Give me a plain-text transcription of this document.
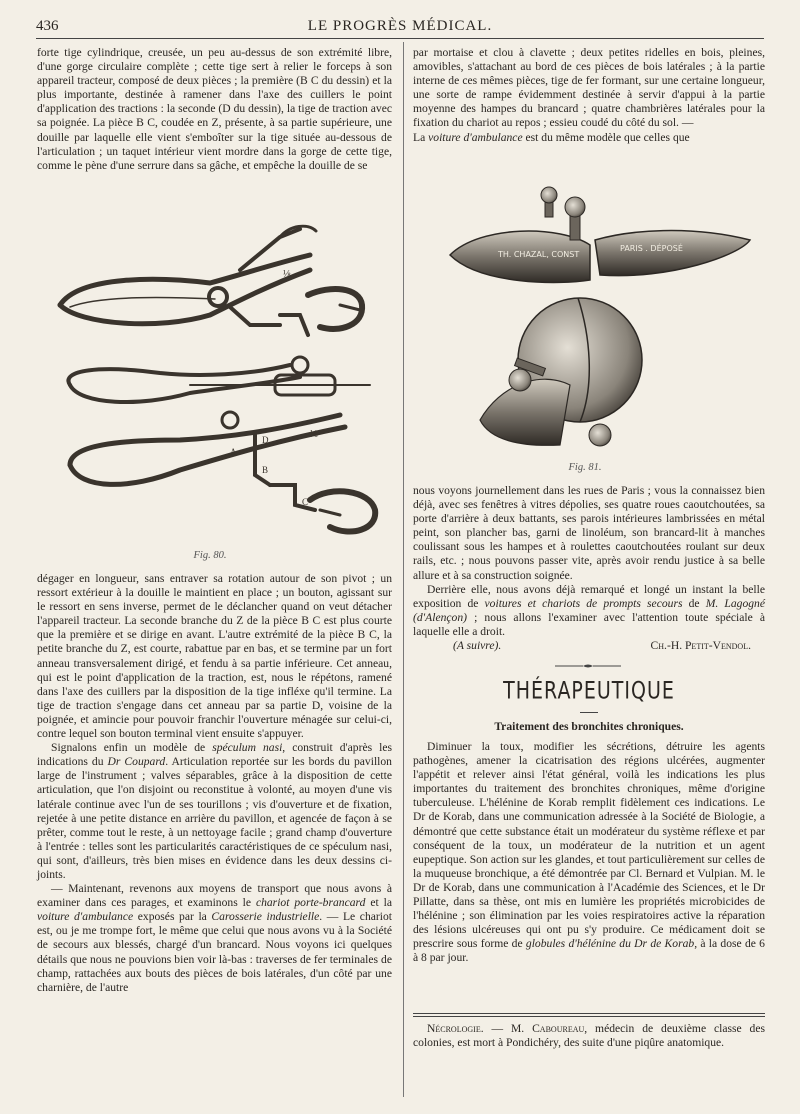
436	LE PROGRÈS MÉDICAL.

forte tige cylindrique, creusée, un peu au-dessus de son extrémité libre, d'une gorge circulaire complète ; cette tige sert à relier le forceps à son appareil tracteur, composé de deux pièces ; la première (B C du dessin) et la plus importante, destinée à ramener dans l'axe des cuillers le point d'application des tractions : la seconde (D du dessin), la tige de traction avec sa poignée. La pièce B C, coudée en Z, présente, à sa partie supérieure, une douille par laquelle elle vient s'emboîter sur la tige située au-dessous de l'articulation ; un taquet intérieur vient mordre dans la gorge de cette tige, comme le pène d'une serrure dans sa gâche, et empêche la douille de se

⅛
⅛
A
B
C
D
Fig. 80.

dégager en longueur, sans entraver sa rotation autour de son pivot ; un ressort extérieur à la douille le maintient en place ; un bouton, agissant sur le ressort en sens inverse, permet de le déclancher quand on veut détacher l'appareil tracteur. La seconde branche du Z de la pièce B C est plus courte que la première et se dirige en avant. L'autre extrémité de la pièce B C, la petite branche du Z, est courte, rabattue par en bas, et se termine par un fort anneau transversalement dirigé, et fendu à sa partie inférieure. Cet anneau, qui est le point d'application de la traction, est, nous le répétons, ramené dans l'axe des cuillers par la disposition de la tige infléxe qu'il termine. La tige de traction s'engage dans cet anneau par sa partie D, voisine de la poignée, et amincie pour pouvoir franchir l'ouverture ménagée sur celui-ci, contre lequel son bouton terminal vient ensuite s'appuyer.

Signalons enfin un modèle de spéculum nasi, construit d'après les indications du Dr Coupard. Articulation reportée sur les bords du pavillon large de l'instrument ; valves séparables, grâce à la disposition de cette articulation, que l'on disjoint ou reconstitue à volonté, au moyen d'une vis latérale continue avec l'un de ses tourillons ; vis d'ouverture et de fixation, rejetée à une petite distance en arrière du pavillon, et agencée de façon à se prêter, comme tout le reste, à un nettoyage facile ; grand champ d'ouverture à l'entrée : telles sont les particularités caractéristiques de ce spéculum nasi, qui sont, d'ailleurs, très bien mises en évidence dans les deux dessins ci-joints.

— Maintenant, revenons aux moyens de transport que nous avons à examiner dans ces parages, et examinons le chariot porte-brancard et la voiture d'ambulance exposés par la Carosserie industrielle. — Le chariot est, ou je me trompe fort, le même que celui que nous avons vu à la Société de secours aux blessés, chargé d'un brancard. Nous voyons ici quelques détails que nous ne pouvions bien voir là-bas : traverses de fer terminales de champ, rattachées aux bouts des pièces de bois latérales, d'un côté par une charnière, de l'autre

par mortaise et clou à clavette ; deux petites ridelles en bois, pleines, amovibles, s'attachant au bord de ces pièces de bois latérales ; à la partie interne de ces mêmes pièces, tige de fer formant, sur une certaine longueur, une sorte de rampe évidemment destinée à servir d'appui à la partie moyenne des hampes du brancard ; quatre chambrières latérales pour la fixation du chariot au repos ; essieu coudé du côté du sol. —

La voiture d'ambulance est du même modèle que celles que

TH. CHAZAL, CONST
PARIS . DÉPOSÉ
Fig. 81.

nous voyons journellement dans les rues de Paris ; vous la connaissez bien déjà, avec ses fenêtres à vitres dépolies, ses quatre roues caoutchoutées, sa porte d'arrière à deux battants, ses parois intérieures lambrissées en métal peint, son plancher bas, garni de linoléum, son brancard-lit à manches coulissant sous les hampes et à roulettes caoutchoutées roulant sur deux rails, etc. ; nous pouvons passer vite, après avoir rendu justice à sa belle allure et à sa construction soignée.

Derrière elle, nous avons déjà remarqué et longé un instant la belle exposition de voitures et chariots de prompts secours de M. Lagogné (d'Alençon) ; nous allons l'examiner avec l'attention toute spéciale à laquelle elle a droit.

(A suivre).	Ch.-H. Petit-Vendol.
THÉRAPEUTIQUE
Traitement des bronchites chroniques.

Diminuer la toux, modifier les sécrétions, détruire les agents pathogènes, amener la cicatrisation des régions ulcérées, augmenter l'appétit et relever ainsi l'état général, voilà les indications les plus importantes du traitement des bronchites chroniques, même d'origine tuberculeuse. L'hélénine de Korab remplit fidèlement ces indications. Le Dr de Korab, dans une communication adressée à la Société de Biologie, a démontré que cette substance était un modérateur du système réflexe et par conséquent de la toux, un modérateur de la nutrition et un agent eupeptique. Son action sur les glandes, et tout particulièrement sur celles de la muqueuse bronchique, a été démontrée par Cl. Bernard et Vulpian. M. le Dr de Korab, dans une communication à l'Académie des Sciences, et le Dr Pillatte, dans sa thèse, ont mis en lumière les propriétés microbicides de l'hélénine ; son élimination par les voies respiratoires active la réparation des lésions ulcéreuses qui ont pu s'y produire. Ce médicament doit se prescrire sous forme de globules d'hélénine du Dr de Korab, à la dose de 6 à 8 par jour.

Nécrologie. — M. Caboureau, médecin de deuxième classe des colonies, est mort à Pondichéry, des suite d'une piqûre anatomique.
